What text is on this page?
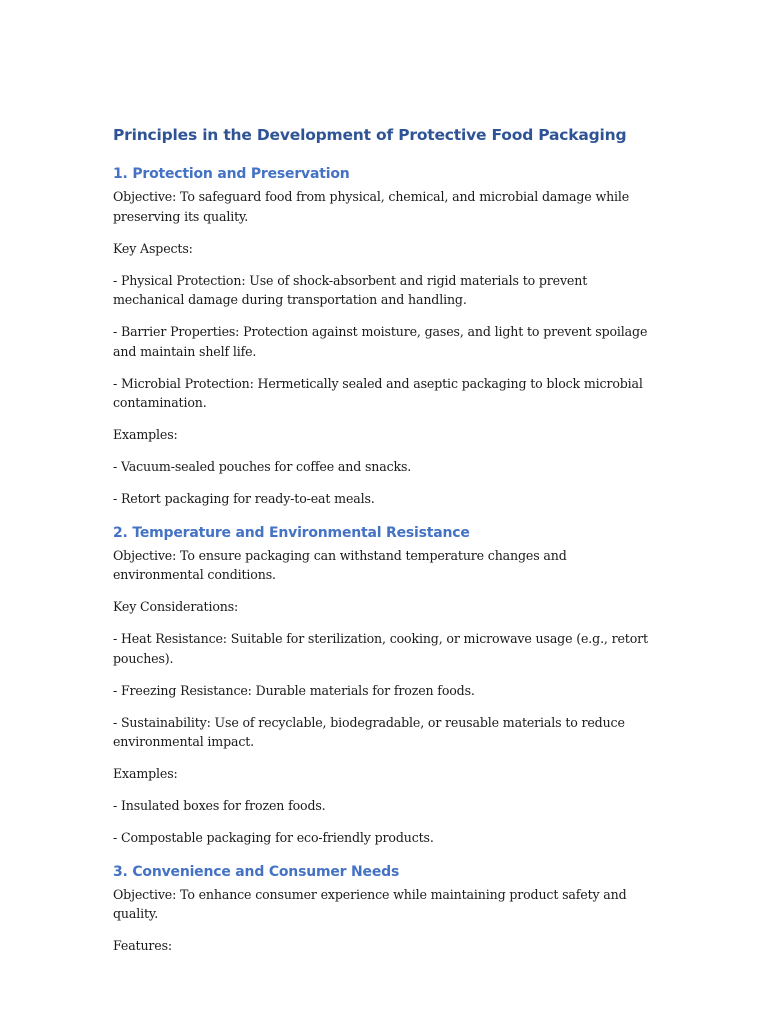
Principles in the Development of Protective Food Packaging
1. Protection and Preservation

Objective: To safeguard food from physical, chemical, and microbial damage while preserving its quality.

Key Aspects:

- Physical Protection: Use of shock-absorbent and rigid materials to prevent mechanical damage during transportation and handling.

- Barrier Properties: Protection against moisture, gases, and light to prevent spoilage and maintain shelf life.

- Microbial Protection: Hermetically sealed and aseptic packaging to block microbial contamination.

Examples:

- Vacuum-sealed pouches for coffee and snacks.

- Retort packaging for ready-to-eat meals.

2. Temperature and Environmental Resistance

Objective: To ensure packaging can withstand temperature changes and environmental conditions.

Key Considerations:

- Heat Resistance: Suitable for sterilization, cooking, or microwave usage (e.g., retort pouches).

- Freezing Resistance: Durable materials for frozen foods.

- Sustainability: Use of recyclable, biodegradable, or reusable materials to reduce environmental impact.

Examples:

- Insulated boxes for frozen foods.

- Compostable packaging for eco-friendly products.

3. Convenience and Consumer Needs

Objective: To enhance consumer experience while maintaining product safety and quality.

Features:
